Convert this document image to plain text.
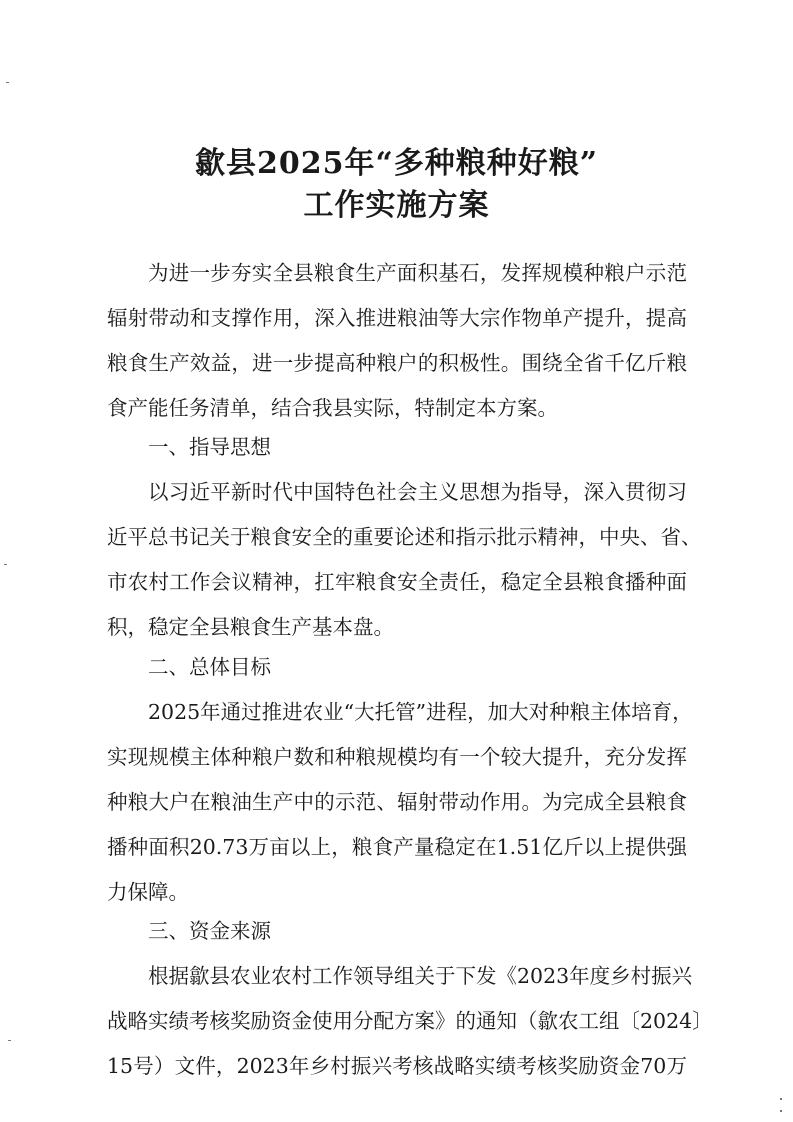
歙县2025年“多种粮种好粮”
工作实施方案
为进一步夯实全县粮食生产面积基石，发挥规模种粮户示范
辐射带动和支撑作用，深入推进粮油等大宗作物单产提升，提高
粮食生产效益，进一步提高种粮户的积极性。围绕全省千亿斤粮
食产能任务清单，结合我县实际，特制定本方案。
一、指导思想
以习近平新时代中国特色社会主义思想为指导，深入贯彻习
近平总书记关于粮食安全的重要论述和指示批示精神，中央、省、
市农村工作会议精神，扛牢粮食安全责任，稳定全县粮食播种面
积，稳定全县粮食生产基本盘。
二、总体目标
2025年通过推进农业“大托管”进程，加大对种粮主体培育，
实现规模主体种粮户数和种粮规模均有一个较大提升，充分发挥
种粮大户在粮油生产中的示范、辐射带动作用。为完成全县粮食
播种面积20.73万亩以上，粮食产量稳定在1.51亿斤以上提供强
力保障。
三、资金来源
根据歙县农业农村工作领导组关于下发《2023年度乡村振兴
战略实绩考核奖励资金使用分配方案》的通知（歙农工组〔2024〕
15号）文件，2023年乡村振兴考核战略实绩考核奖励资金70万
